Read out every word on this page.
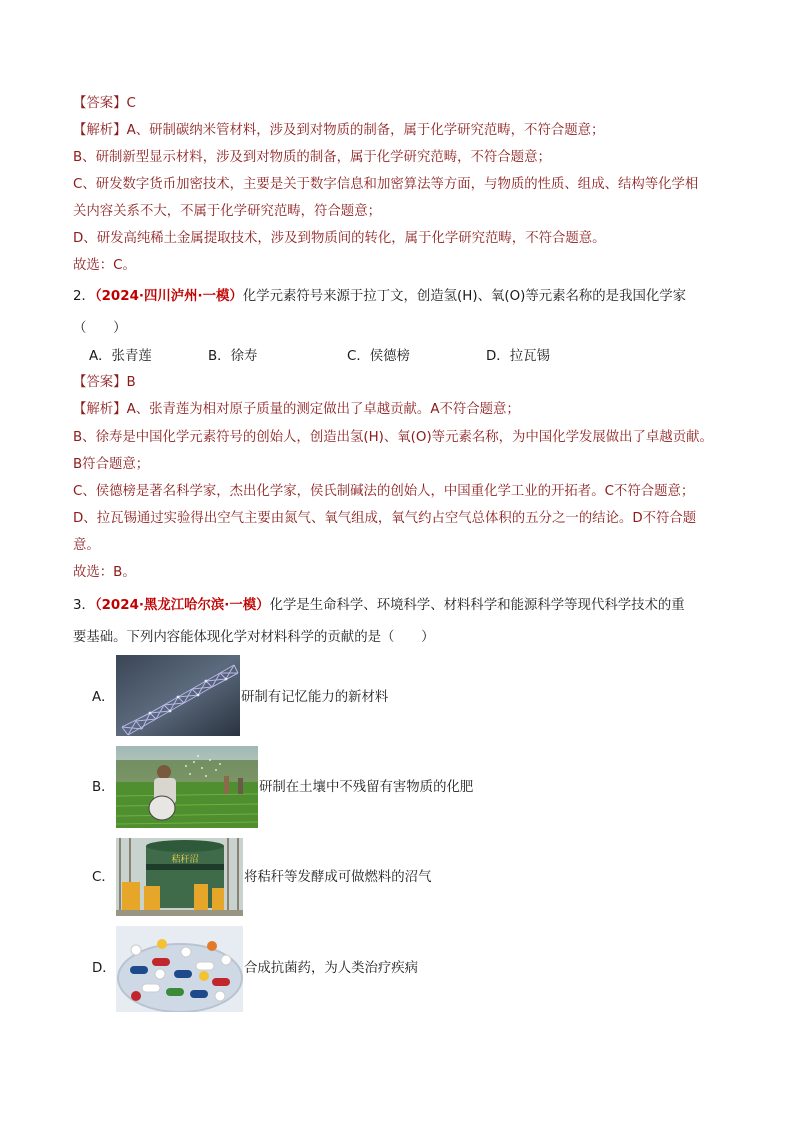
【答案】C
【解析】A、研制碳纳米管材料，涉及到对物质的制备，属于化学研究范畴，不符合题意；
B、研制新型显示材料，涉及到对物质的制备，属于化学研究范畴，不符合题意；
C、研发数字货币加密技术，主要是关于数字信息和加密算法等方面，与物质的性质、组成、结构等化学相
关内容关系不大，不属于化学研究范畴，符合题意；
D、研发高纯稀土金属提取技术，涉及到物质间的转化，属于化学研究范畴，不符合题意。
故选：C。
2．（2024·四川泸州·一模）化学元素符号来源于拉丁文，创造氢(H)、氧(O)等元素名称的是我国化学家
（　　）
A．张青莲	B．徐寿	C．侯德榜	D．拉瓦锡
【答案】B
【解析】A、张青莲为相对原子质量的测定做出了卓越贡献。A不符合题意；
B、徐寿是中国化学元素符号的创始人，创造出氢(H)、氧(O)等元素名称，为中国化学发展做出了卓越贡献。
B符合题意；
C、侯德榜是著名科学家，杰出化学家，侯氏制碱法的创始人，中国重化学工业的开拓者。C不符合题意；
D、拉瓦锡通过实验得出空气主要由氮气、氧气组成，氧气约占空气总体积的五分之一的结论。D不符合题
意。
故选：B。
3．（2024·黑龙江哈尔滨·一模）化学是生命科学、环境科学、材料科学和能源科学等现代科学技术的重
要基础。下列内容能体现化学对材料科学的贡献的是（　　）
A．	研制有记忆能力的新材料
B．	研制在土壤中不残留有害物质的化肥
C．
秸秆沼
将秸秆等发酵成可做燃料的沼气
D．	合成抗菌药，为人类治疗疾病
